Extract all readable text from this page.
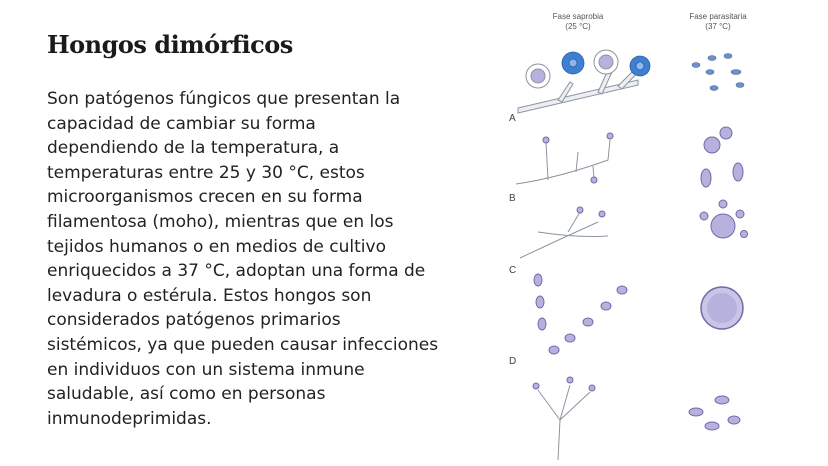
Hongos dimórficos

Son patógenos fúngicos que presentan la
capacidad de cambiar su forma
dependiendo de la temperatura, a
temperaturas entre 25 y 30 °C, estos
microorganismos crecen en su forma
filamentosa (moho), mientras que en los
tejidos humanos o en medios de cultivo
enriquecidos a 37 °C, adoptan una forma de
levadura o estérula. Estos hongos son
considerados patógenos primarios
sistémicos, ya que pueden causar infecciones
en individuos con un sistema inmune
saludable, así como en personas
inmunodeprimidas.

Fase saprobia
(25 °C)
Fase parasitaria
(37 °C)
A
B
C
D
